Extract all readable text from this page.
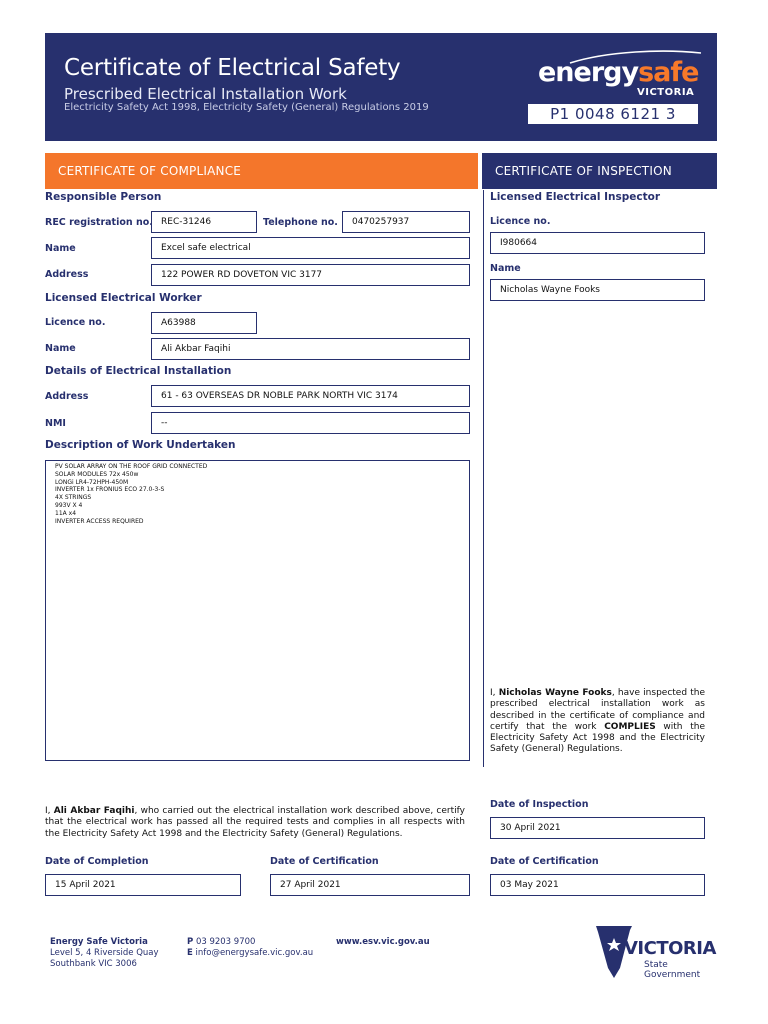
Certificate of Electrical Safety
Prescribed Electrical Installation Work
Electricity Safety Act 1998, Electricity Safety (General) Regulations 2019
energysafe
VICTORIA
P1 0048 6121 3
CERTIFICATE OF COMPLIANCE	CERTIFICATE OF INSPECTION
Responsible Person
REC registration no. REC-31246	Telephone no.	0470257937
Name	Excel safe electrical
Address	122 POWER RD DOVETON VIC 3177
Licensed Electrical Worker
Licence no.	A63988
Name	Ali Akbar Faqihi
Details of Electrical Installation
Address	61 - 63 OVERSEAS DR NOBLE PARK NORTH VIC 3174
NMI	--
Description of Work Undertaken
PV SOLAR ARRAY ON THE ROOF GRID CONNECTED
SOLAR MODULES 72x 450w
LONGi LR4-72HPH-450M
INVERTER 1x FRONIUS ECO 27.0-3-S
4X STRINGS
993V X 4
11A x4
INVERTER ACCESS REQUIRED
I, Ali Akbar Faqihi, who carried out the electrical installation work described above, certify that the electrical work has passed all the required tests and complies in all respects with the Electricity Safety Act 1998 and the Electricity Safety (General) Regulations.
Date of Completion
15 April 2021
Date of Certification
27 April 2021
Licensed Electrical Inspector
Licence no.
I980664
Name
Nicholas Wayne Fooks
I, Nicholas Wayne Fooks, have inspected the prescribed electrical installation work as described in the certificate of compliance and certify that the work COMPLIES with the Electricity Safety Act 1998 and the Electricity Safety (General) Regulations.
Date of Inspection
30 April 2021
Date of Certification
03 May 2021
Energy Safe Victoria
Level 5, 4 Riverside Quay
Southbank VIC 3006
P 03 9203 9700
E info@energysafe.vic.gov.au
www.esv.vic.gov.au	VICTORIA
State
Government
